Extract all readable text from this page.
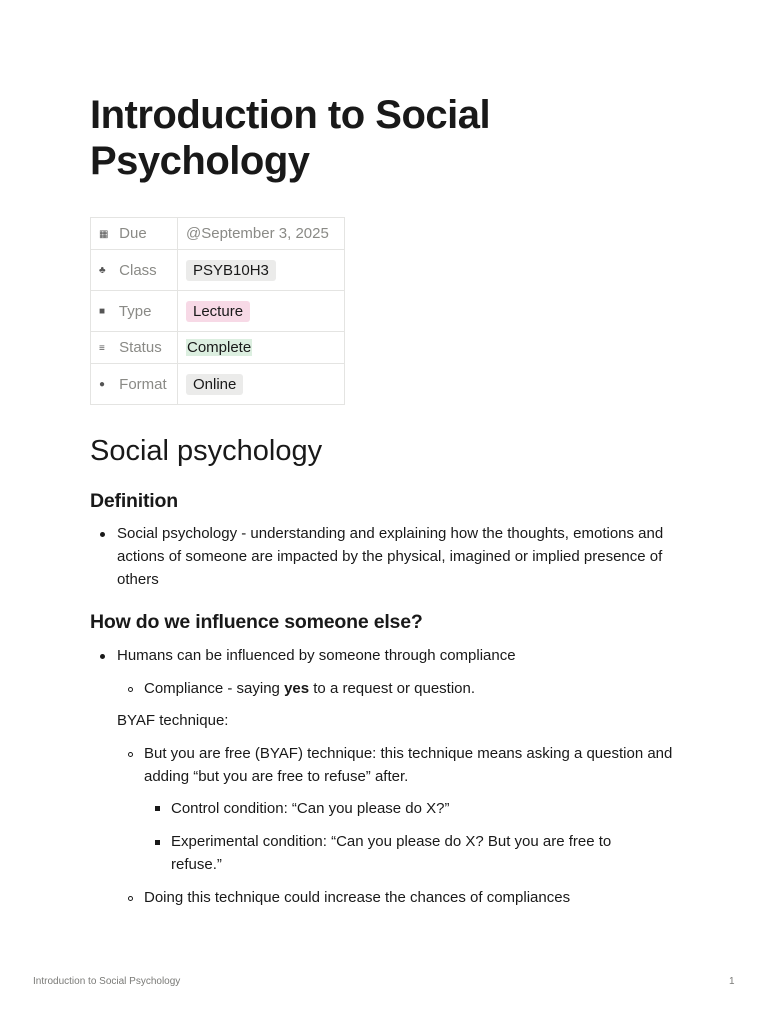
Introduction to Social Psychology
▦ Due	@September 3, 2025
♣ Class	PSYB10H3
■ Type	Lecture
≡ Status	Complete
● Format	Online
Social psychology
Definition

Social psychology - understanding and explaining how the thoughts, emotions and actions of someone are impacted by the physical, imagined or implied presence of others

How do we influence someone else?

Humans can be influenced by someone through compliance

Compliance - saying yes to a request or question.

BYAF technique:

But you are free (BYAF) technique: this technique means asking a question and adding “but you are free to refuse” after.

Control condition: “Can you please do X?”

Experimental condition: “Can you please do X? But you are free to refuse.”

Doing this technique could increase the chances of compliances

Introduction to Social Psychology	1
